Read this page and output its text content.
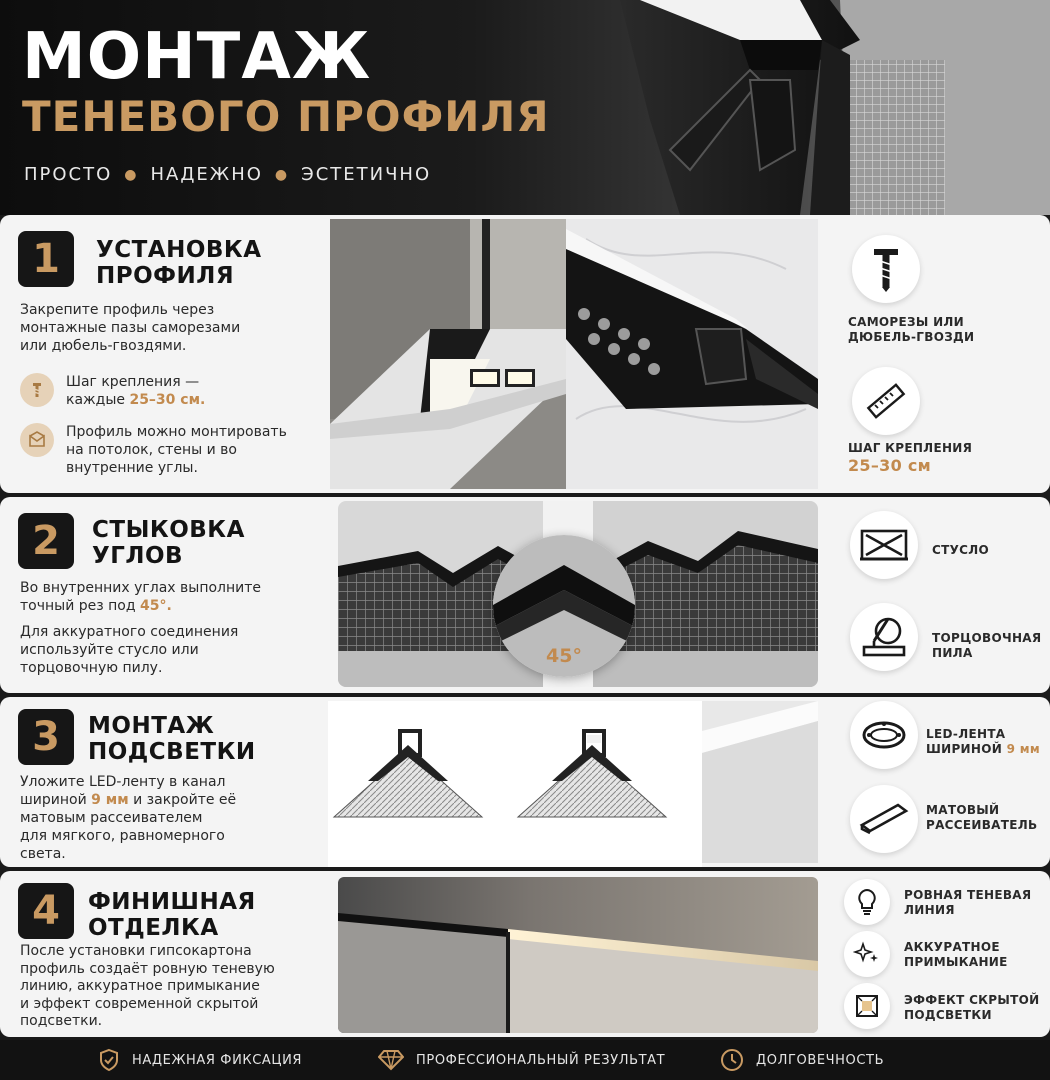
МОНТАЖ
ТЕНЕВОГО ПРОФИЛЯ
ПРОСТО ● НАДЕЖНО ● ЭСТЕТИЧНО
1	УСТАНОВКА
ПРОФИЛЯ
Закрепите профиль через
монтажные пазы саморезами
или дюбель-гвоздями.
Шаг крепления —
каждые 25–30 см.
Профиль можно монтировать
на потолок, стены и во
внутренние углы.
САМОРЕЗЫ ИЛИ
ДЮБЕЛЬ-ГВОЗДИ
ШАГ КРЕПЛЕНИЯ
25–30 см
2	СТЫКОВКА
УГЛОВ
Во внутренних углах выполните
точный рез под 45°.
Для аккуратного соединения
используйте стусло или
торцовочную пилу.
45°
СТУСЛО
ТОРЦОВОЧНАЯ
ПИЛА
3	МОНТАЖ
ПОДСВЕТКИ
Уложите LED-ленту в канал
шириной 9 мм и закройте её
матовым рассеивателем
для мягкого, равномерного
света.
LED-ЛЕНТА
ШИРИНОЙ 9 мм
МАТОВЫЙ
РАССЕИВАТЕЛЬ
4	ФИНИШНАЯ
ОТДЕЛКА
После установки гипсокартона
профиль создаёт ровную теневую
линию, аккуратное примыкание
и эффект современной скрытой
подсветки.
РОВНАЯ ТЕНЕВАЯ
ЛИНИЯ
АККУРАТНОЕ
ПРИМЫКАНИЕ
ЭФФЕКТ СКРЫТОЙ
ПОДСВЕТКИ
НАДЕЖНАЯ ФИКСАЦИЯ	ПРОФЕССИОНАЛЬНЫЙ РЕЗУЛЬТАТ	ДОЛГОВЕЧНОСТЬ
